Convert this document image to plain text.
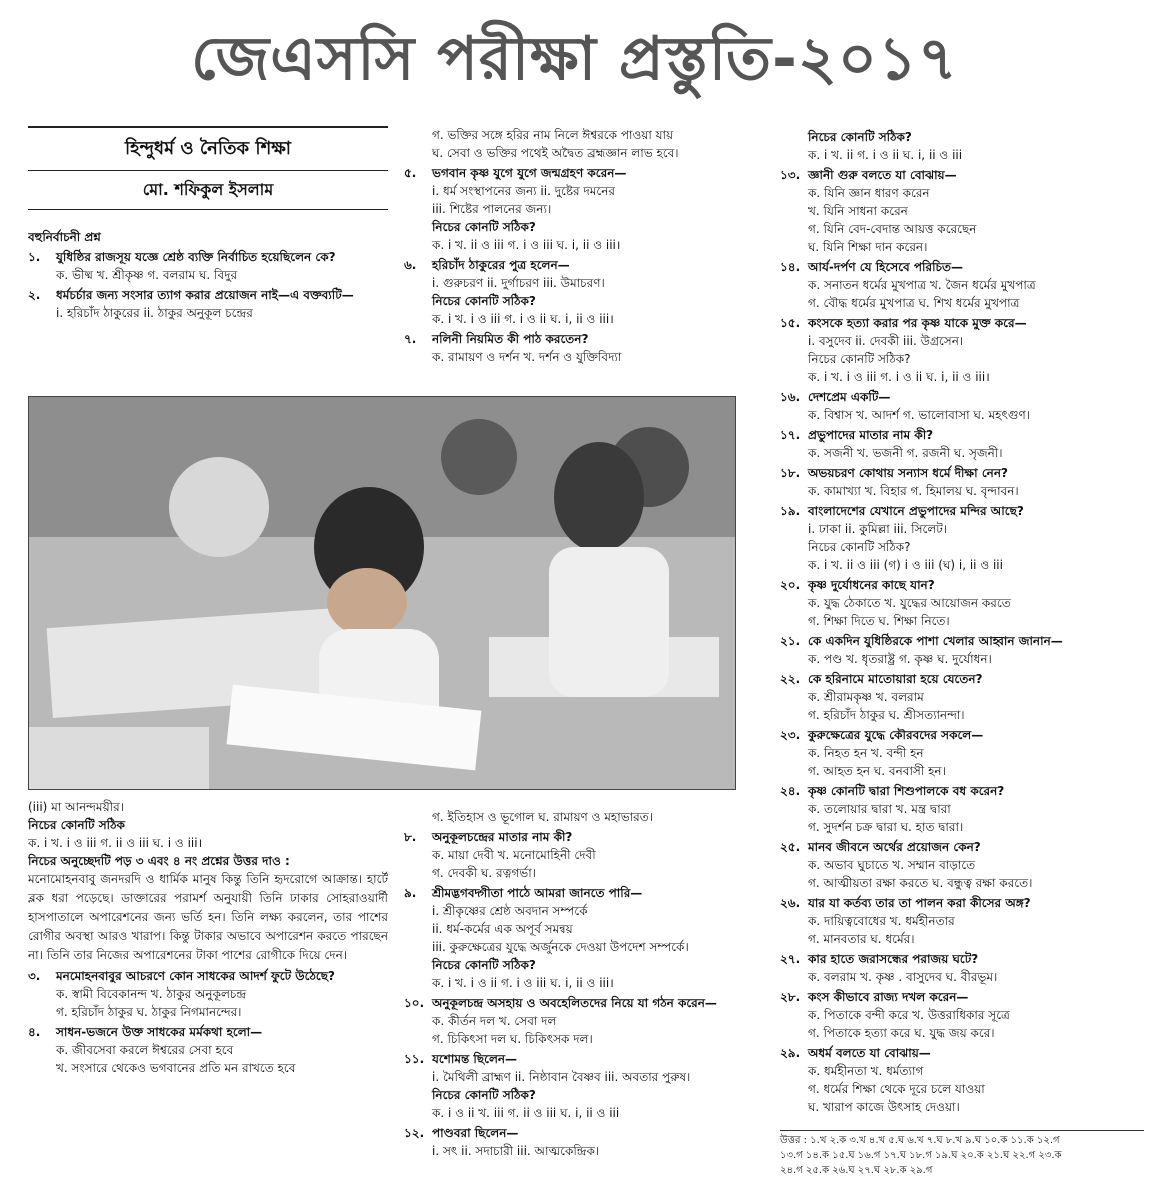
জেএসসি পরীক্ষা প্রস্তুতি-২০১৭
হিন্দুধর্ম ও নৈতিক শিক্ষা
মো. শফিকুল ইসলাম
বহুনির্বাচনী প্রশ্ন
১.	যুধিষ্ঠির রাজসূয় যজ্ঞে শ্রেষ্ঠ ব্যক্তি নির্বাচিত হয়েছিলেন কে?
ক. ভীষ্ম খ. শ্রীকৃষ্ণ গ. বলরাম ঘ. বিদুর
২.	ধর্মচর্চার জন্য সংসার ত্যাগ করার প্রয়োজন নাই—এ বক্তব্যটি—
i. হরিচাঁদ ঠাকুরের ii. ঠাকুর অনুকূল চন্দ্রের
গ. ভক্তির সঙ্গে হরির নাম নিলে ঈশ্বরকে পাওয়া যায়
ঘ. সেবা ও ভক্তির পথেই অদ্বৈত ব্রহ্মজ্ঞান লাভ হবে।
৫.	ভগবান কৃষ্ণ যুগে যুগে জন্মগ্রহণ করেন—
i. ধর্ম সংস্থাপনের জন্য ii. দুষ্টের দমনের
iii. শিষ্টের পালনের জন্য।
নিচের কোনটি সঠিক?
ক. i খ. ii ও iii গ. i ও iii ঘ. i, ii ও iii।
৬.	হরিচাঁদ ঠাকুরের পুত্র হলেন—
i. গুরুচরণ ii. দুর্গাচরণ iii. উমাচরণ।
নিচের কোনটি সঠিক?
ক. i খ. i ও iii গ. i ও ii ঘ. i, ii ও iii।
৭.	নলিনী নিয়মিত কী পাঠ করতেন?
ক. রামায়ণ ও দর্শন খ. দর্শন ও যুক্তিবিদ্যা
নিচের কোনটি সঠিক?
ক. i খ. ii গ. i ও ii ঘ. i, ii ও iii
১৩. জ্ঞানী গুরু বলতে যা বোঝায়—
ক. যিনি জ্ঞান ধারণ করেন
খ. যিনি সাধনা করেন
গ. যিনি বেদ-বেদান্ত আয়ত্ত করেছেন
ঘ. যিনি শিক্ষা দান করেন।
১৪. আর্য-দর্পণ যে হিসেবে পরিচিত—
ক. সনাতন ধর্মের মুখপাত্র খ. জৈন ধর্মের মুখপাত্র
গ. বৌদ্ধ ধর্মের মুখপাত্র ঘ. শিখ ধর্মের মুখপাত্র
১৫. কংসকে হত্যা করার পর কৃষ্ণ যাকে মুক্ত করে—
i. বসুদেব ii. দেবকী iii. উগ্রসেন।
নিচের কোনটি সঠিক?
ক. i খ. i ও iii গ. i ও ii ঘ. i, ii ও iii।
১৬. দেশপ্রেম একটি—
ক. বিশ্বাস খ. আদর্শ গ. ভালোবাসা ঘ. মহৎগুণ।
১৭. প্রভুপাদের মাতার নাম কী?
ক. সজনী খ. ভজনী গ. রজনী ঘ. সৃজনী।
১৮. অভয়চরণ কোথায় সন্যাস ধর্মে দীক্ষা নেন?
ক. কামাখ্যা খ. বিহার গ. হিমালয় ঘ. বৃন্দাবন।
১৯. বাংলাদেশের যেখানে প্রভুপাদের মন্দির আছে?
i. ঢাকা ii. কুমিল্লা iii. সিলেট।
নিচের কোনটি সঠিক?
ক. i খ. ii ও iii (গ) i ও iii (ঘ) i, ii ও iii
২০. কৃষ্ণ দুর্যোধনের কাছে যান?
ক. যুদ্ধ ঠেকাতে খ. যুদ্ধের আয়োজন করতে
গ. শিক্ষা দিতে ঘ. শিক্ষা নিতে।
২১. কে একদিন যুধিষ্ঠিরকে পাশা খেলার আহ্বান জানান—
ক. পণ্ড খ. ধৃতরাষ্ট্র গ. কৃষ্ণ ঘ. দুর্যোধন।
২২. কে হরিনামে মাতোয়ারা হয়ে যেতেন?
ক. শ্রীরামকৃষ্ণ খ. বলরাম
গ. হরিচাঁদ ঠাকুর ঘ. শ্রীসত্যানন্দা।
২৩. কুরুক্ষেত্রের যুদ্ধে কৌরবদের সকলে—
ক. নিহত হন খ. বন্দী হন
গ. আহত হন ঘ. বনবাসী হন।
২৪. কৃষ্ণ কোনটি দ্বারা শিশুপালকে বধ করেন?
ক. তলোয়ার দ্বারা খ. মন্ত্র দ্বারা
গ. সুদর্শন চক্র দ্বারা ঘ. হাত দ্বারা।
২৫. মানব জীবনে অর্থের প্রয়োজন কেন?
ক. অভাব ঘুচাতে খ. সম্মান বাড়াতে
গ. আত্মীয়তা রক্ষা করতে ঘ. বন্ধুত্ব রক্ষা করতে।
২৬. যার যা কর্তব্য তার তা পালন করা কীসের অঙ্গ?
ক. দায়িত্ববোধের খ. ধর্মহীনতার
গ. মানবতার ঘ. ধর্মের।
২৭. কার হাতে জরাসন্ধের পরাজয় ঘটে?
ক. বলরাম খ. কৃষ্ণ . বাসুদেব ঘ. বীরভূম।
২৮. কংস কীভাবে রাজ্য দখল করেন—
ক. পিতাকে বন্দী করে খ. উত্তরাধিকার সূত্রে
গ. পিতাকে হত্যা করে ঘ. যুদ্ধ জয় করে।
২৯. অধর্ম বলতে যা বোঝায়—
ক. ধর্মহীনতা খ. ধর্মত্যাগ
গ. ধর্মের শিক্ষা থেকে দূরে চলে যাওয়া
ঘ. খারাপ কাজে উৎসাহ দেওয়া।
(iii) মা আনন্দময়ীর।
নিচের কোনটি সঠিক
ক. i খ. i ও iii গ. ii ও iii ঘ. i ও iii।
নিচের অনুচ্ছেদটি পড় ৩ এবং ৪ নং প্রশ্নের উত্তর দাও :
মনোমোহনবাবু জনদরদি ও ধার্মিক মানুষ কিন্তু তিনি হৃদরোগে আক্রান্ত। হার্টে ব্লক ধরা পড়েছে। ডাক্তারের পরামর্শ অনুযায়ী তিনি ঢাকার সোহরাওয়ার্দী হাসপাতালে অপারেশনের জন্য ভর্তি হন। তিনি লক্ষ্য করলেন, তার পাশের রোগীর অবস্থা আরও খারাপ। কিন্তু টাকার অভাবে অপারেশন করতে পারছেন না। তিনি তার নিজের অপারেশনের টাকা পাশের রোগীকে দিয়ে দেন।
৩.	মনমোহনবাবুর আচরণে কোন সাধকের আদর্শ ফুটে উঠেছে?
ক. স্বামী বিবেকানন্দ খ. ঠাকুর অনুকূলচন্দ্র
গ. হরিচাঁদ ঠাকুর ঘ. ঠাকুর নিগমানন্দের।
৪.	সাধন-ভজনে উক্ত সাধকের মর্মকথা হলো—
ক. জীবসেবা করলে ঈশ্বরের সেবা হবে
খ. সংসারে থেকেও ভগবানের প্রতি মন রাখতে হবে
গ. ইতিহাস ও ভূগোল ঘ. রামায়ণ ও মহাভারত।
৮.	অনুকূলচন্দ্রের মাতার নাম কী?
ক. মায়া দেবী খ. মনোমোহিনী দেবী
গ. দেবকী ঘ. রত্নগর্ভা।
৯.	শ্রীমদ্ভগবদ্গীতা পাঠে আমরা জানতে পারি—
i. শ্রীকৃষ্ণের শ্রেষ্ঠ অবদান সম্পর্কে
ii. ধর্ম-কর্মের এক অপূর্ব সমন্বয়
iii. কুরুক্ষেত্রের যুদ্ধে অর্জুনকে দেওয়া উপদেশ সম্পর্কে।
নিচের কোনটি সঠিক?
ক. i খ. i ও ii গ. i ও iii ঘ. i, ii ও iii।
১০. অনুকূলচন্দ্র অসহায় ও অবহেলিতদের নিয়ে যা গঠন করেন—
ক. কীর্তন দল খ. সেবা দল
গ. চিকিৎসা দল ঘ. চিকিৎসক দল।
১১. যশোমন্ত ছিলেন—
i. মৈথিলী ব্রাহ্মণ ii. নিষ্ঠাবান বৈষ্ণব iii. অবতার পুরুষ।
নিচের কোনটি সঠিক?
ক. i ও ii খ. iii গ. ii ও iii ঘ. i, ii ও iii
১২. পাণ্ডবরা ছিলেন—
i. সৎ ii. সদাচারী iii. আত্মকেন্দ্রিক।
উত্তর : ১.খ ২.ক ৩.খ ৪.খ ৫.ঘ ৬.খ ৭.ঘ ৮.খ ৯.ঘ ১০.ক ১১.ক ১২.গ
১৩.গ ১৪.ক ১৫.ঘ ১৬.গ ১৭.ঘ ১৮.গ ১৯.ঘ ২০.ক ২১.ঘ ২২.গ ২৩.ক
২৪.গ ২৫.ক ২৬.ঘ ২৭.ঘ ২৮.ক ২৯.গ
